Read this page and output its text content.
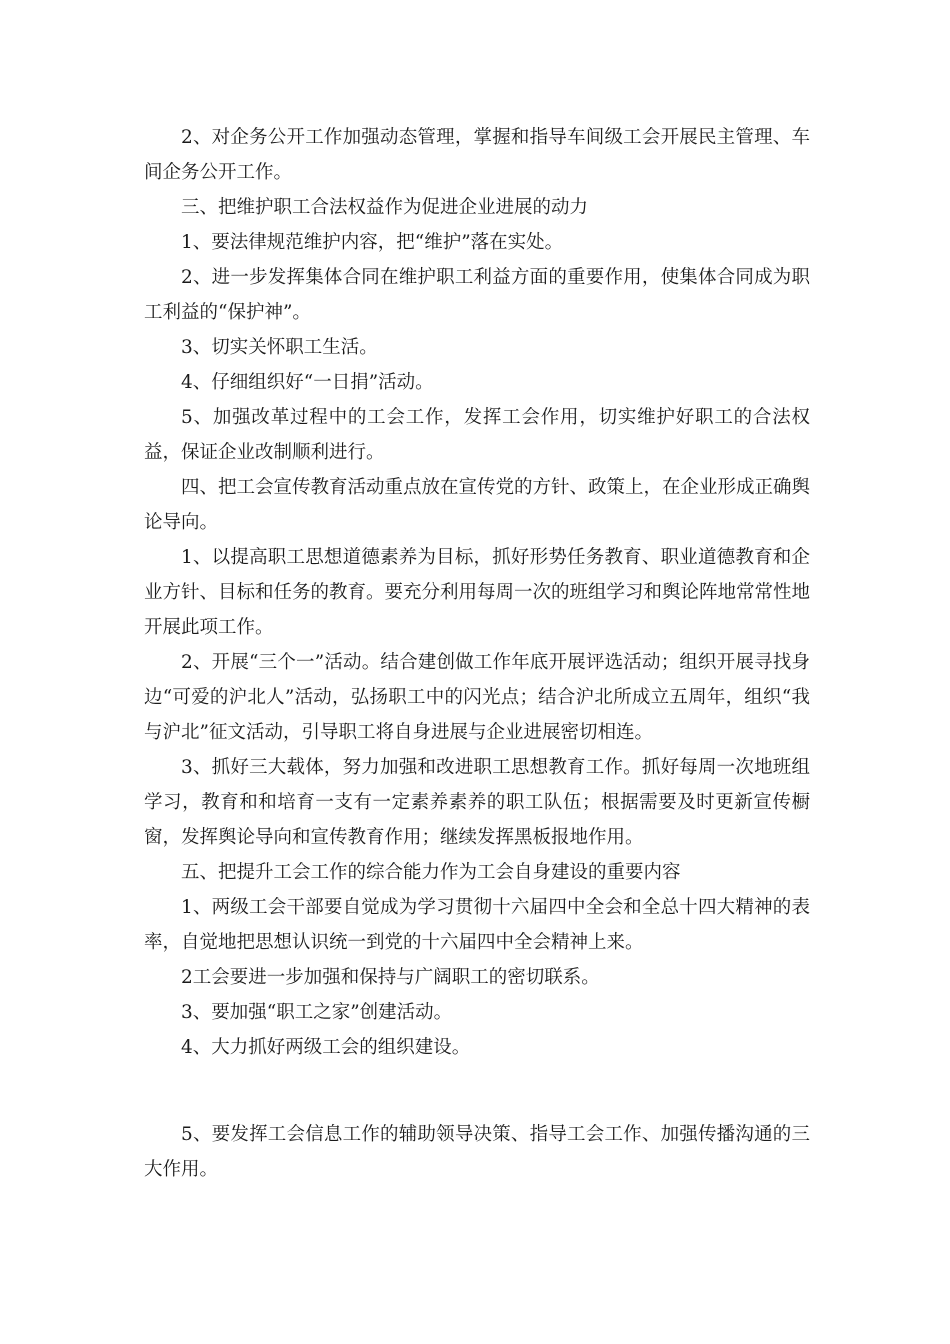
2、对企务公开工作加强动态管理，掌握和指导车间级工会开展民主管理、车间企务公开工作。

三、把维护职工合法权益作为促进企业进展的动力

1、要法律规范维护内容，把“维护”落在实处。

2、进一步发挥集体合同在维护职工利益方面的重要作用，使集体合同成为职工利益的“保护神”。

3、切实关怀职工生活。

4、仔细组织好“一日捐”活动。

5、加强改革过程中的工会工作，发挥工会作用，切实维护好职工的合法权益，保证企业改制顺利进行。

四、把工会宣传教育活动重点放在宣传党的方针、政策上，在企业形成正确舆论导向。

1、以提高职工思想道德素养为目标，抓好形势任务教育、职业道德教育和企业方针、目标和任务的教育。要充分利用每周一次的班组学习和舆论阵地常常性地开展此项工作。

2、开展“三个一”活动。结合建创做工作年底开展评选活动；组织开展寻找身边“可爱的沪北人”活动，弘扬职工中的闪光点；结合沪北所成立五周年，组织“我与沪北”征文活动，引导职工将自身进展与企业进展密切相连。

3、抓好三大载体，努力加强和改进职工思想教育工作。抓好每周一次地班组学习，教育和和培育一支有一定素养素养的职工队伍；根据需要及时更新宣传橱窗，发挥舆论导向和宣传教育作用；继续发挥黑板报地作用。

五、把提升工会工作的综合能力作为工会自身建设的重要内容

1、两级工会干部要自觉成为学习贯彻十六届四中全会和全总十四大精神的表率，自觉地把思想认识统一到党的十六届四中全会精神上来。

2工会要进一步加强和保持与广阔职工的密切联系。

3、要加强“职工之家”创建活动。

4、大力抓好两级工会的组织建设。

5、要发挥工会信息工作的辅助领导决策、指导工会工作、加强传播沟通的三大作用。
